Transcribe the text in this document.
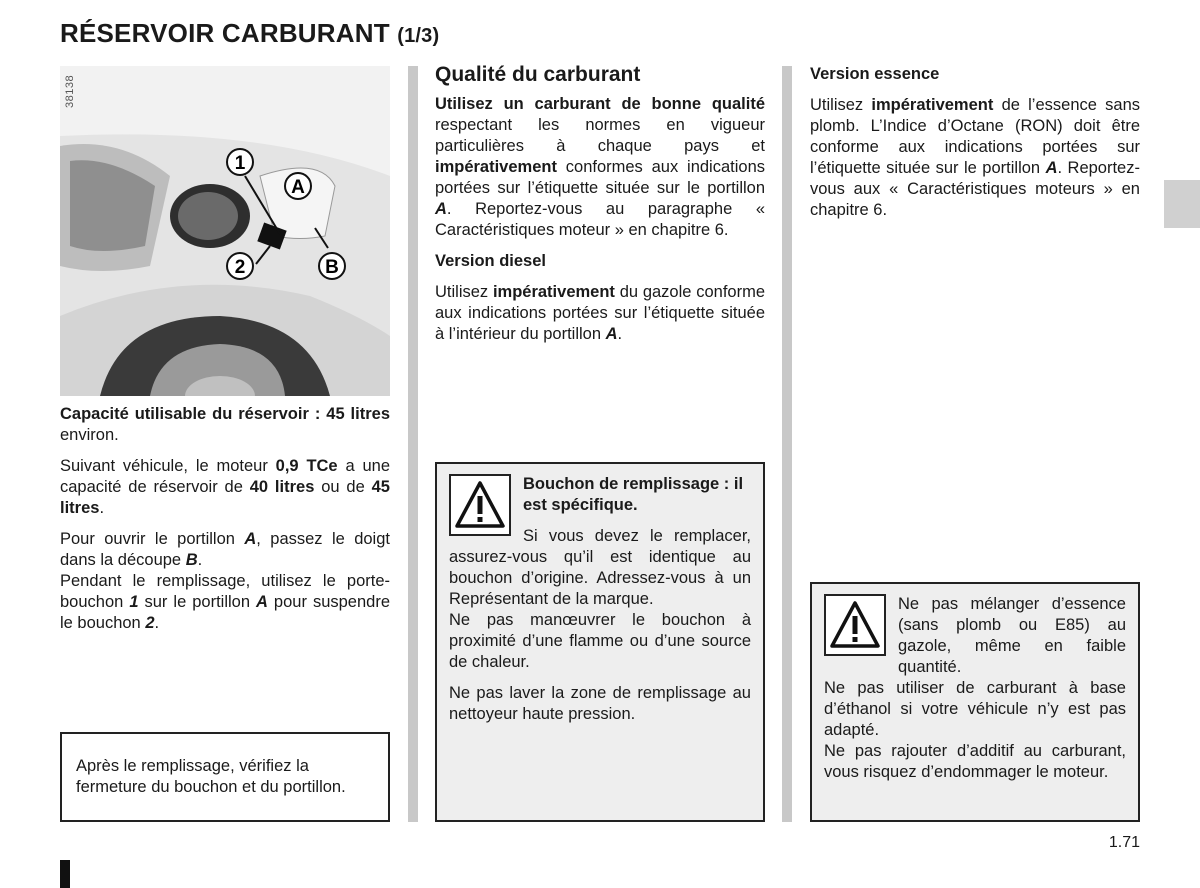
RÉSERVOIR CARBURANT (1/3)
1
A
2	B
38138

Capacité utilisable du réservoir : 45 litres environ.

Suivant véhicule, le moteur 0,9 TCe a une capacité de réservoir de 40 litres ou de 45 litres.

Pour ouvrir le portillon A, passez le doigt dans la découpe B.

Pendant le remplissage, utilisez le porte-bouchon 1 sur le portillon A pour suspendre le bouchon 2.

Après le remplissage, vérifiez la fermeture du bouchon et du portillon.
Qualité du carburant

Utilisez un carburant de bonne qualité respectant les normes en vigueur particulières à chaque pays et impérativement conformes aux indications portées sur l’étiquette située sur le portillon A. Reportez-vous au paragraphe « Caractéristiques moteur » en chapitre 6.

Version diesel

Utilisez impérativement du gazole conforme aux indications portées sur l’étiquette située à l’intérieur du portillon A.

Bouchon de remplissage : il est spécifique.

Si vous devez le remplacer, assurez-vous qu’il est identique au bouchon d’origine. Adressez-vous à un Représentant de la marque.

Ne pas manœuvrer le bouchon à proximité d’une flamme ou d’une source de chaleur.

Ne pas laver la zone de remplissage au nettoyeur haute pression.

Version essence

Utilisez impérativement de l’essence sans plomb. L’Indice d’Octane (RON) doit être conforme aux indications portées sur l’étiquette située sur le portillon A. Reportez-vous aux « Caractéristiques moteurs » en chapitre 6.

Ne pas mélanger d’essence (sans plomb ou E85) au gazole, même en faible quantité.

Ne pas utiliser de carburant à base d’éthanol si votre véhicule n’y est pas adapté.

Ne pas rajouter d’additif au carburant, vous risquez d’endommager le moteur.

1.71
